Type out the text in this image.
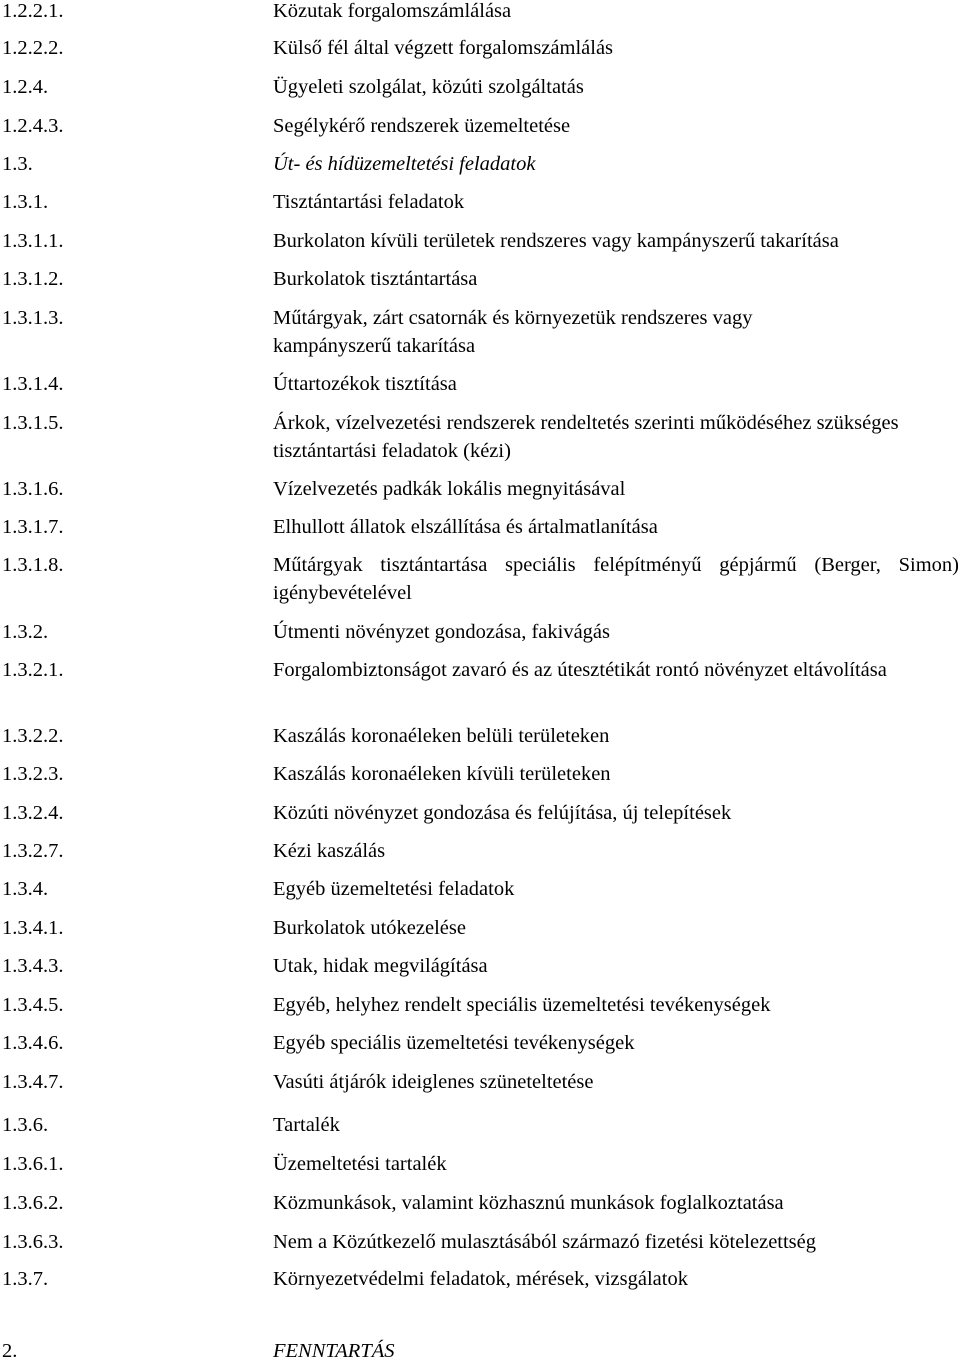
1.2.2.1.	Közutak forgalomszámlálása
1.2.2.2.	Külső fél által végzett forgalomszámlálás
1.2.4.	Ügyeleti szolgálat, közúti szolgáltatás
1.2.4.3.	Segélykérő rendszerek üzemeltetése
1.3.	Út- és hídüzemeltetési feladatok
1.3.1.	Tisztántartási feladatok
1.3.1.1.	Burkolaton kívüli területek rendszeres vagy kampányszerű takarítása
1.3.1.2.	Burkolatok tisztántartása
1.3.1.3.	Műtárgyak, zárt csatornák és környezetük rendszeres vagy kampányszerű takarítása
1.3.1.4.	Úttartozékok tisztítása
1.3.1.5.	Árkok, vízelvezetési rendszerek rendeltetés szerinti működéséhez szükséges tisztántartási feladatok (kézi)
1.3.1.6.	Vízelvezetés padkák lokális megnyitásával
1.3.1.7.	Elhullott állatok elszállítása és ártalmatlanítása
1.3.1.8.	Műtárgyak tisztántartása speciális felépítményű gépjármű (Berger, Simon) igénybevételével
1.3.2.	Útmenti növényzet gondozása, fakivágás
1.3.2.1.	Forgalombiztonságot zavaró és az útesztétikát rontó növényzet eltávolítása
1.3.2.2.	Kaszálás koronaéleken belüli területeken
1.3.2.3.	Kaszálás koronaéleken kívüli területeken
1.3.2.4.	Közúti növényzet gondozása és felújítása, új telepítések
1.3.2.7.	Kézi kaszálás
1.3.4.	Egyéb üzemeltetési feladatok
1.3.4.1.	Burkolatok utókezelése
1.3.4.3.	Utak, hidak megvilágítása
1.3.4.5.	Egyéb, helyhez rendelt speciális üzemeltetési tevékenységek
1.3.4.6.	Egyéb speciális üzemeltetési tevékenységek
1.3.4.7.	Vasúti átjárók ideiglenes szüneteltetése
1.3.6.	Tartalék
1.3.6.1.	Üzemeltetési tartalék
1.3.6.2.	Közmunkások, valamint közhasznú munkások foglalkoztatása
1.3.6.3.	Nem a Közútkezelő mulasztásából származó fizetési kötelezettség
1.3.7.	Környezetvédelmi feladatok, mérések, vizsgálatok
2.	FENNTARTÁS
